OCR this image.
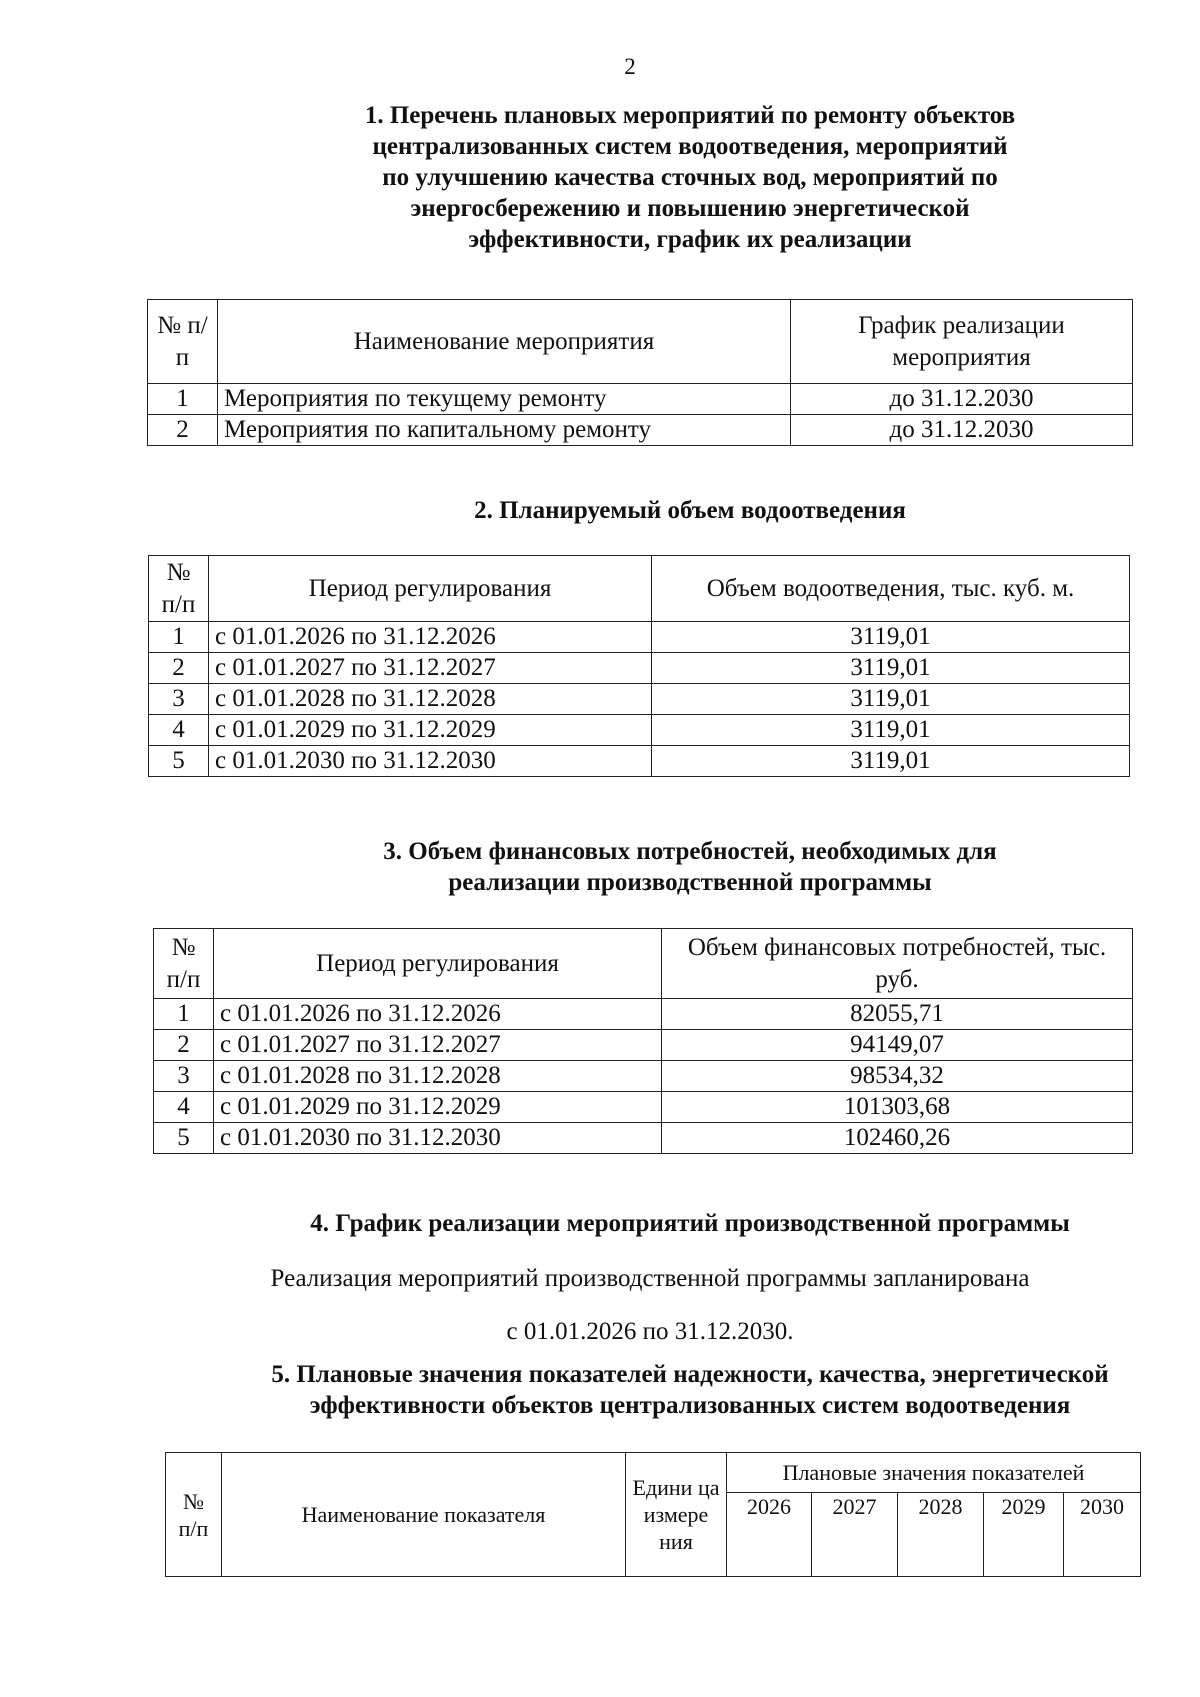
2
1. Перечень плановых мероприятий по ремонту объектов
централизованных систем водоотведения, мероприятий
по улучшению качества сточных вод, мероприятий по
энергосбережению и повышению энергетической
эффективности, график их реализации
№ п/п	Наименование мероприятия	График реализации мероприятия
1	Мероприятия по текущему ремонту	до 31.12.2030
2	Мероприятия по капитальному ремонту	до 31.12.2030
2. Планируемый объем водоотведения
№ п/п	Период регулирования	Объем водоотведения, тыс. куб. м.
1	с 01.01.2026 по 31.12.2026	3119,01
2	с 01.01.2027 по 31.12.2027	3119,01
3	с 01.01.2028 по 31.12.2028	3119,01
4	с 01.01.2029 по 31.12.2029	3119,01
5	с 01.01.2030 по 31.12.2030	3119,01
3. Объем финансовых потребностей, необходимых для
реализации производственной программы
№ п/п	Период регулирования	Объем финансовых потребностей, тыс. руб.
1	с 01.01.2026 по 31.12.2026	82055,71
2	с 01.01.2027 по 31.12.2027	94149,07
3	с 01.01.2028 по 31.12.2028	98534,32
4	с 01.01.2029 по 31.12.2029	101303,68
5	с 01.01.2030 по 31.12.2030	102460,26
4. График реализации мероприятий производственной программы
Реализация мероприятий производственной программы запланирована
с 01.01.2026 по 31.12.2030.
5. Плановые значения показателей надежности, качества, энергетической
эффективности объектов централизованных систем водоотведения
№ п/п	Наименование показателя	Едини ца измере ния	Плановые значения показателей				
			2026	2027	2028	2029	2030
